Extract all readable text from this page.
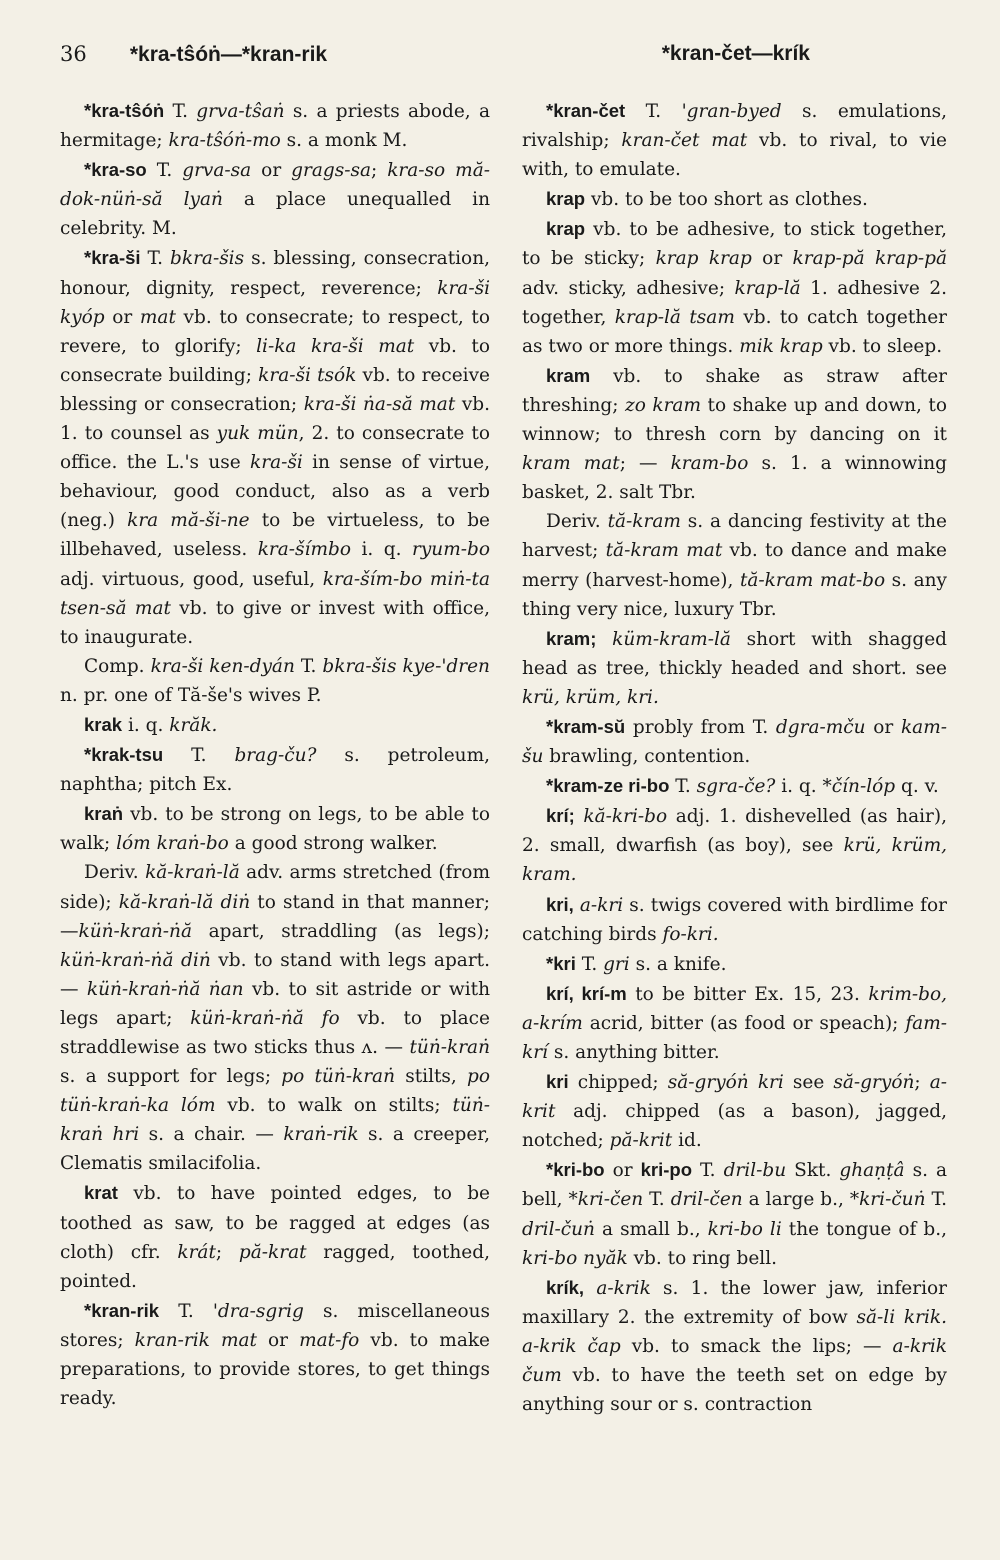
36 *kra-tŝóṅ—*kran-rik	*kran-čet—krík

*kra-tŝóṅ T. grva-tŝaṅ s. a priests abode, a hermitage; kra-tŝóṅ-mo s. a monk M.

*kra-so T. grva-sa or grags-sa; kra-so mă-dok-nüṅ-să lyaṅ a place unequalled in celebrity. M.

*kra-ši T. bkra-šis s. blessing, consecration, honour, dignity, respect, reverence; kra-ši kyóp or mat vb. to consecrate; to respect, to revere, to glorify; li-ka kra-ši mat vb. to consecrate building; kra-ši tsók vb. to receive blessing or consecration; kra-ši ṅa-să mat vb. 1. to counsel as yuk mün, 2. to consecrate to office. the L.'s use kra-ši in sense of virtue, behaviour, good conduct, also as a verb (neg.) kra mă-ši-ne to be virtueless, to be illbehaved, useless. kra-šímbo i. q. ryum-bo adj. virtuous, good, useful, kra-ším-bo miṅ-ta tsen-să mat vb. to give or invest with office, to inaugurate.

Comp. kra-ši ken-dyán T. bkra-šis kye-'dren n. pr. one of Tă-še's wives P.

krak i. q. krăk.

*krak-tsu T. brag-ču? s. petroleum, naphtha; pitch Ex.

kraṅ vb. to be strong on legs, to be able to walk; lóm kraṅ-bo a good strong walker.

Deriv. kă-kraṅ-lă adv. arms stretched (from side); kă-kraṅ-lă diṅ to stand in that manner;—küṅ-kraṅ-ṅă apart, straddling (as legs); küṅ-kraṅ-ṅă diṅ vb. to stand with legs apart. — küṅ-kraṅ-ṅă ṅan vb. to sit astride or with legs apart; küṅ-kraṅ-ṅă fo vb. to place straddlewise as two sticks thus ʌ. — tüṅ-kraṅ s. a support for legs; po tüṅ-kraṅ stilts, po tüṅ-kraṅ-ka lóm vb. to walk on stilts; tüṅ-kraṅ hri s. a chair. — kraṅ-rik s. a creeper, Clematis smilacifolia.

krat vb. to have pointed edges, to be toothed as saw, to be ragged at edges (as cloth) cfr. krát; pă-krat ragged, toothed, pointed.

*kran-rik T. 'dra-sgrig s. miscellaneous stores; kran-rik mat or mat-fo vb. to make preparations, to provide stores, to get things ready.

*kran-čet T. 'gran-byed s. emulations, rivalship; kran-čet mat vb. to rival, to vie with, to emulate.

krap vb. to be too short as clothes.

krap vb. to be adhesive, to stick together, to be sticky; krap krap or krap-pă krap-pă adv. sticky, adhesive; krap-lă 1. adhesive 2. together, krap-lă tsam vb. to catch together as two or more things. mik krap vb. to sleep.

kram vb. to shake as straw after threshing; zo kram to shake up and down, to winnow; to thresh corn by dancing on it kram mat; — kram-bo s. 1. a winnowing basket, 2. salt Tbr.

Deriv. tă-kram s. a dancing festivity at the harvest; tă-kram mat vb. to dance and make merry (harvest-home), tă-kram mat-bo s. any thing very nice, luxury Tbr.

kram; küm-kram-lă short with shagged head as tree, thickly headed and short. see krü, krüm, kri.

*kram-sŭ probly from T. dgra-mču or kam-šu brawling, contention.

*kram-ze ri-bo T. sgra-če? i. q. *čín-lóp q. v.

krí; kă-kri-bo adj. 1. dishevelled (as hair), 2. small, dwarfish (as boy), see krü, krüm, kram.

kri, a-kri s. twigs covered with birdlime for catching birds fo-kri.

*kri T. gri s. a knife.

krí, krí-m to be bitter Ex. 15, 23. krim-bo, a-krím acrid, bitter (as food or speach); fam-krí s. anything bitter.

kri chipped; să-gryóṅ kri see să-gryóṅ; a-krit adj. chipped (as a bason), jagged, notched; pă-krit id.

*kri-bo or kri-po T. dril-bu Skt. ghaṇṭâ s. a bell, *kri-čen T. dril-čen a large b., *kri-čuṅ T. dril-čuṅ a small b., kri-bo li the tongue of b., kri-bo nyăk vb. to ring bell.

krík, a-krik s. 1. the lower jaw, inferior maxillary 2. the extremity of bow să-li krik. a-krik čap vb. to smack the lips; — a-krik čum vb. to have the teeth set on edge by anything sour or s. contraction
